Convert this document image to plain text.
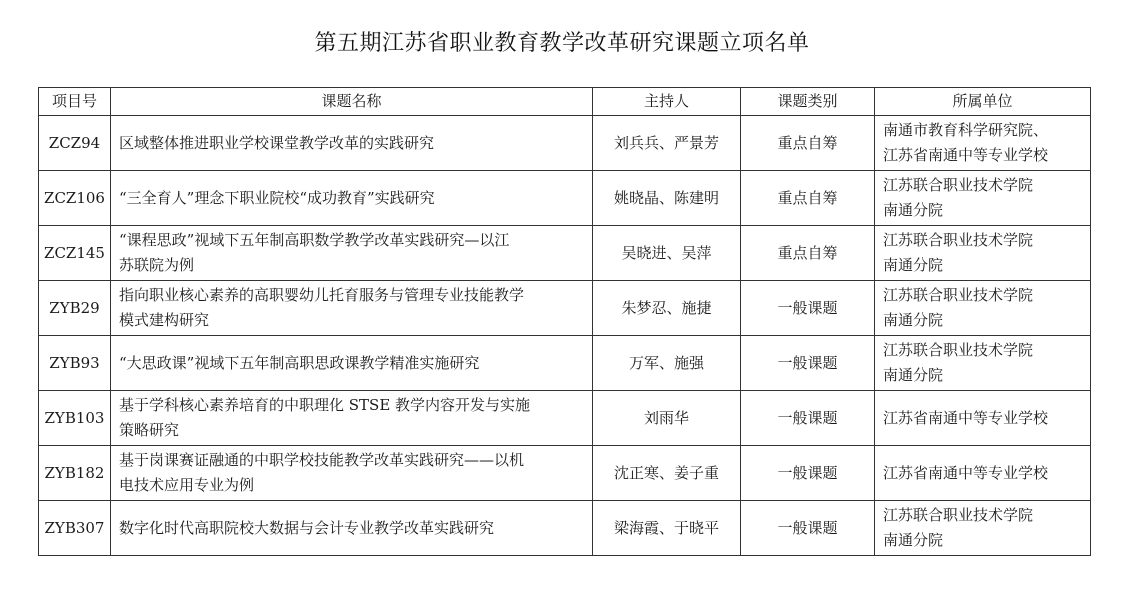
第五期江苏省职业教育教学改革研究课题立项名单
项目号	课题名称	主持人	课题类别	所属单位
ZCZ94	区域整体推进职业学校课堂教学改革的实践研究	刘兵兵、严景芳	重点自筹	南通市教育科学研究院、
江苏省南通中等专业学校

ZCZ106	“三全育人”理念下职业院校“成功教育”实践研究	姚晓晶、陈建明	重点自筹	江苏联合职业技术学院
南通分院

ZCZ145	“课程思政”视域下五年制高职数学教学改革实践研究—以江
苏联院为例	吴晓进、吴萍	重点自筹	江苏联合职业技术学院
南通分院

ZYB29	指向职业核心素养的高职婴幼儿托育服务与管理专业技能教学
模式建构研究	朱梦忍、施捷	一般课题	江苏联合职业技术学院
南通分院

ZYB93	“大思政课”视域下五年制高职思政课教学精准实施研究	万军、施强	一般课题	江苏联合职业技术学院
南通分院

ZYB103	基于学科核心素养培育的中职理化 STSE 教学内容开发与实施
策略研究	刘雨华	一般课题	江苏省南通中等专业学校

ZYB182	基于岗课赛证融通的中职学校技能教学改革实践研究——以机
电技术应用专业为例	沈正寒、姜子重	一般课题	江苏省南通中等专业学校

ZYB307	数字化时代高职院校大数据与会计专业教学改革实践研究	梁海霞、于晓平	一般课题	江苏联合职业技术学院
南通分院
